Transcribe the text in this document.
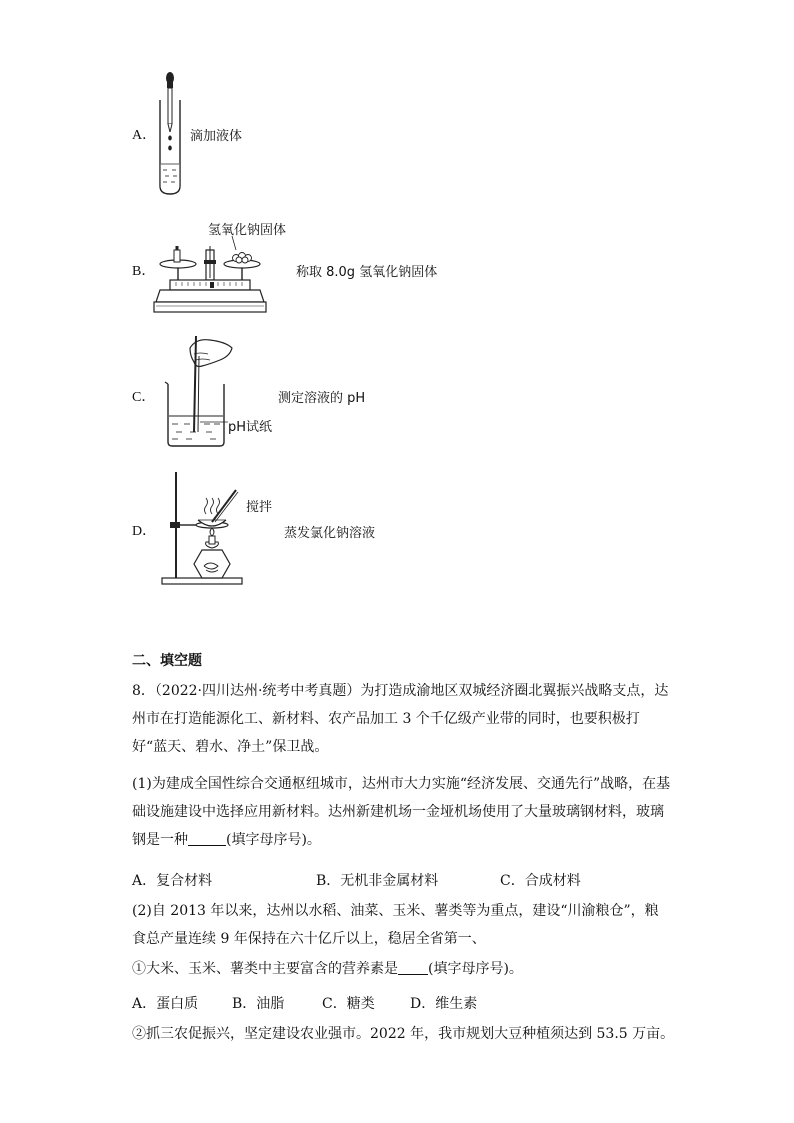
A．	滴加液体
B．
氢氧化钠固体
称取 8.0g 氢氧化钠固体
C．	测定溶液的 pH
pH试纸
D．
搅拌
蒸发氯化钠溶液
二、填空题
8．（2022·四川达州·统考中考真题）为打造成渝地区双城经济圈北翼振兴战略支点，达州市在打造能源化工、新材料、农产品加工 3 个千亿级产业带的同时，也要积极打好“蓝天、碧水、净土”保卫战。
(1)为建成全国性综合交通枢纽城市，达州市大力实施“经济发展、交通先行”战略，在基础设施建设中选择应用新材料。达州新建机场一金垭机场使用了大量玻璃钢材料，玻璃钢是一种	(填字母序号)。
A．复合材料	B．无机非金属材料	C．合成材料
(2)自 2013 年以来，达州以水稻、油菜、玉米、薯类等为重点，建设“川渝粮仓”，粮食总产量连续 9 年保持在六十亿斤以上，稳居全省第一、
①大米、玉米、薯类中主要富含的营养素是 (填字母序号)。
A．蛋白质 B．油脂	C．糖类	D．维生素
②抓三农促振兴，坚定建设农业强市。2022 年，我市规划大豆种植须达到 53.5 万亩。
